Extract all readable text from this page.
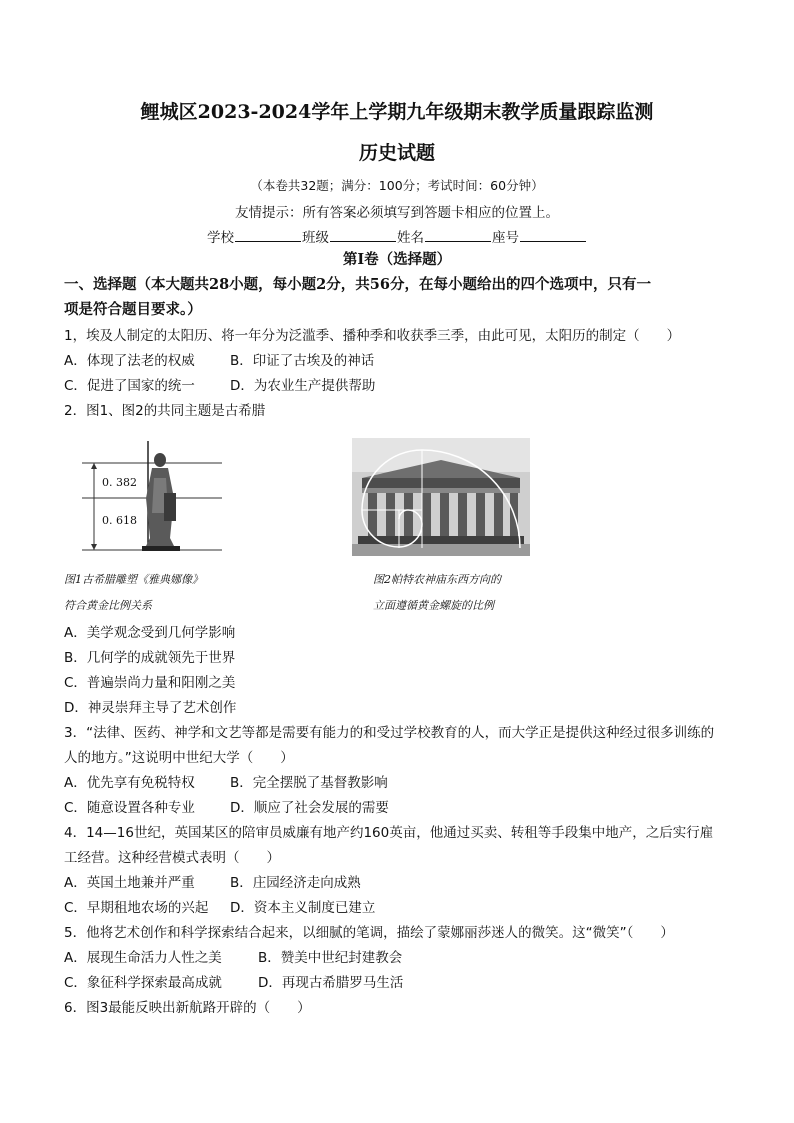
鲤城区2023-2024学年上学期九年级期末教学质量跟踪监测
历史试题
（本卷共32题；满分：100分；考试时间：60分钟）
友情提示：所有答案必须填写到答题卡相应的位置上。
学校	班级	姓名	座号
第Ⅰ卷（选择题）
一、选择题（本大题共28小题，每小题2分，共56分，在每小题给出的四个选项中，只有一
项是符合题目要求。）
1，埃及人制定的太阳历、将一年分为泛滥季、播种季和收获季三季，由此可见，太阳历的制定（　　）
A．体现了法老的权威	B．印证了古埃及的神话
C．促进了国家的统一	D．为农业生产提供帮助
2．图1、图2的共同主题是古希腊
0. 382
0. 618
图1古希腊雕塑《雅典娜像》
符合黄金比例关系
图2帕特农神庙东西方向的
立面遵循黄金螺旋的比例
A．美学观念受到几何学影响
B．几何学的成就领先于世界
C．普遍崇尚力量和阳刚之美
D．神灵崇拜主导了艺术创作
3．“法律、医药、神学和文艺等都是需要有能力的和受过学校教育的人，而大学正是提供这种经过很多训练的
人的地方。”这说明中世纪大学（　　）
A．优先享有免税特权	B．完全摆脱了基督教影响
C．随意设置各种专业	D．顺应了社会发展的需要
4．14—16世纪，英国某区的陪审员威廉有地产约160英亩，他通过买卖、转租等手段集中地产，之后实行雇
工经营。这种经营模式表明（　　）
A．英国土地兼并严重	B．庄园经济走向成熟
C．早期租地农场的兴起 D．资本主义制度已建立
5．他将艺术创作和科学探索结合起来，以细腻的笔调，描绘了蒙娜丽莎迷人的微笑。这“微笑”（　　）
A．展现生命活力人性之美	B．赞美中世纪封建教会
C．象征科学探索最高成就	D．再现古希腊罗马生活
6．图3最能反映出新航路开辟的（　　）
